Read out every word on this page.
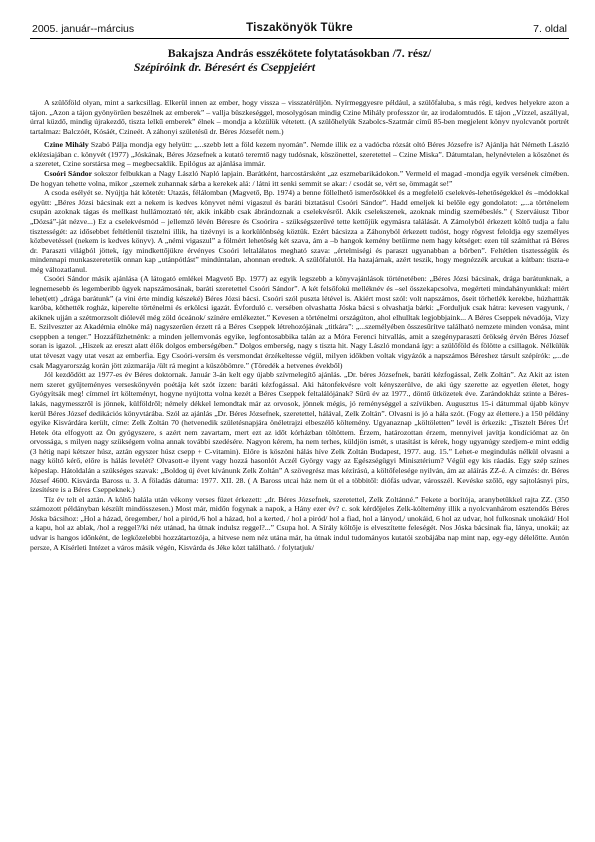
2005. január--március	Tiszakönyök Tükre	7. oldal
Bakajsza András esszékötete folytatásokban /7. rész/
Szépíróink dr. Béresért és Cseppjeiért

A szülőföld olyan, mint a sarkcsillag. Elkerül innen az ember, hogy vissza – visszatérüljön. Nyírmeggyesre például, a szülőfaluba, s más régi, kedves helyekre azon a tájon. „Azon a tájon gyönyörűen beszélnek az emberek” – vallja büszkeséggel, mosolygósan mindig Czine Mihály professzor úr, az irodalomtudós. E tájon „Vízzel, aszállyal, úrral küzdő, mindig újrakezdő, tiszta lelkű emberek” élnek – mondja a közülük vétetett. (A szülőhelyük Szabolcs-Szatmár című 85-ben megjelent könyv nyolcvanöt portrét tartalmaz: Balczóét, Kósáét, Czineét. A záhonyi születésű dr. Béres Józsefét nem.)

Czine Mihály Szabó Pálja mondja egy helyütt: „...szebb lett a föld kezem nyomán”. Nemde illik ez a vadócba rózsát oltó Béres Józsefre is? Ajánlja hát Németh László eklézsiajában c. könyvét (1977) „Jóskának, Béres Józsefnek a kutató teremtő nagy tudósnak, köszönettel, szeretettel – Czine Miska”. Dátumtalan, helynévtelen a köszönet és a szeretet, Czine sorstársa meg – megbecsaklik. Epilógus az ajánlása immár.

Csoóri Sándor sokszor felbukkan a Nagy László Napló lapjain. Barátként, harcostársként „az eszmebarikádokon.” Vermeld el magad -mondja egyik versének címében. De hogyan tehette volna, mikor „szemek zuhannak sárba a kerekek alá: / látni itt senki semmit se akar: / csodát se, vért se, ömmagát se!”

A csoda esélyét se. Nyújtja hát kötetét: Utazás, félálomban (Magvető, Bp. 1974) a benne föllelhető ismerősökkel és a megfelelő cselekvés-lehetőségekkel és –módokkal együtt: „Béres Józsi bácsinak ezt a nekem is kedves könyvet némi vigaszul és baráti biztatásul Csoóri Sándor”. Hadd emeljek ki belőle egy gondolatot: „...a történelem csupán azoknak tágas és mellkast hullámoztató tér, akik inkább csak ábrándoznak a cselekvésről. Akik cselekszenek, azoknak mindig szemébeslés.” ( Szerváiusz Tibor „Dózsá”-ját nézve...) Ez a cselekvésmód – jellemző lévén Béresre és Csoóríra - szükségszerűvé tette kettőjük egymásra találását. A Zámolyból érkezett költő tudja a falu tisztességét: az idősebbet feltétlenül tisztelni illik, ha tizévnyi is a korkülönbség köztük. Ezért bácsizza a Záhonyból érkezett tudóst, hogy rögvest feloldja egy személyes közbevetéssel (nekem is kedves könyv). A „némi vigaszul” a fölmért lehetőség két szava, ám a –b hangok kemény betűirme nem hagy kétséget: ezen túl számíthat rá Béres dr. Paraszti világból jöttek, így mindkettőjükre érvényes Csoóri leltalálatos megható szava: „értelmiségi és paraszt ugyanabban a bőrben”. Feltétlen tisztességük és mindennapi munkaszeretetük onnan kap „utánpótlást” mindúntalan, ahonnan eredtek. A szülőfalutól. Ha hazajárnak, azért teszik, hogy megnézzék arcukat a kútban: tiszta-e még változatlanul.

Csoóri Sándor másik ajánlása (A látogató emlékei Magvető Bp. 1977) az egyik legszebb a könyvajánlások történetében: „Béres Józsi bácsinak, drága barátunknak, a legnemesebb és legemberibb ügyek napszámosának, baráti szeretettel Csoóri Sándor”. A két felsőfokú melléknév és –sel összekapcsolva, megérteti mindahányunkkal: miért lehet(ett) „drága barátunk” (a vini érte mindig készeké) Béres Józsi bácsi. Csoóri szól puszta létével is. Akiért most szól: volt napszámos, őseit törhetlék kerekbe, húzhattták karóba, köthették rogház, kiperelte történelmi és erkölcsi igazát. Évforduló c. versében olvashatta Jóska bácsi s olvashatja bárki: „Forduljuk csak hátra: kevesen vagyunk, / akiknek ujján a szétmorzsolt diólevél még zöld óceánok/ színére emlékeztet.” Kevesen a történelmi országúton, ahol elhulltak legjobbjaink... A Béres Cseppek névadója, Vizy E. Szilveszter az Akadémia elnöke má) nagyszerűen érzett rá a Béres Cseppek létrehozójának „titkára”: „...személyében összesűrítve található nemzete minden vonása, mint cseppben a tenger.” Hozzáfűzhetnénk: a minden jellemvonás egyike, legfontosabbika talán az a Móra Ferenci hitvallás, amit a szegényparaszti őrökség érvén Béres József soran is igazol. „Hiszek az ereszt alatt élők dolgos emberségében.” Dolgos emberség, nagy s tiszta hit. Nagy László mondaná így: a szülőföld és fölötte a csillagok. Nélkülük utat téveszt vagy utat veszt az emberfia. Egy Csoóri-versím és versmondat érzékeltesse végül, milyen időkben voltak vigyázók a napszámos Béreshez társult szépírók: „...de csak Magyarország korán jött zúzmarája /ült rá megint a küszöbömre.” (Töredék a hetvenes évekből)

Jól kezdődött az 1977-es év Béres doktornak. Január 3-án kelt egy újabb szívmelegítő ajánlás. „Dr. béres Józsefnek, baráti kézfogással, Zelk Zoltán”. Az Akit az isten nem szeret gyűjteményes verseskönyvén poétája két szót ízzen: baráti kézfogással. Aki hátonfekvésre volt kényszerülve, de aki úgy szerette az egyetlen életet, hogy Gyógyítsák meg! címmel írt költeményt, hogyne nyújtotta volna kezét a Béres Cseppek feltalálójának? Sűrű év az 1977., döntő ütközetek éve. Zarándokház szinte a Béres-lakás, nagymesszről is jönnek, külföldről; némely dékkel lemondtak már az orvosok, jönnek mégis, jó reménységgel a szívükben. Augusztus 15-i dátummal újabb könyv kerül Béres József dedikációs könyvtárába. Szól az ajánlás „Dr. Béres Józsefnek, szeretettel, hálával, Zelk Zoltán”. Olvasni is jó a hála szót. (Fogy az élettere.) a 150 példány egyike Kisvárdára került, címe: Zelk Zoltán 70 (hetvenedik születésnapjára önéletrajzi elbeszélő költemény. Ugyanaznap „költöletten” levél is érkezik: „Tisztelt Béres Úr! Hetek óta elfogyott az Ön gyógyszere, s azért nem zavartam, mert ezt az időt kórházban töltöttem. Érzem, határozottan érzem, mennyivel javítja kondíciómat az ön orvossága, s milyen nagy szükségem volna annak további szedésére. Nagyon kérem, ha nem terhes, küldjön ismét, s utasítást is kérek, hogy ugyanúgy szedjem-e mint eddig (3 hétig napi kétszer húsz, aztán egyszer húsz csepp + C-vitamin). Előre is köszöni hálás híve Zelk Zoltán Budapest, 1977. aug. 15.” Lehet-e megindulás nélkül olvasni a nagy költő kérő, előre is hálás levelét? Olvasott-e ilyent vagy hozzá hasonlót Aczél György vagy az Egészségügyi Minisztérium? Végül egy kis ráadás. Egy szép színes képeslap. Hátoldalán a szükséges szavak: „Boldog új évet kívánunk Zelk Zoltán” A szövegrész mas kézírású, a költőfelesége nyilván, ám az aláírás ZZ-é. A címzés: dr. Béres József 4600. Kisvárda Baross u. 3. A föladás dátuma: 1977. XII. 28. ( A Baross utcai ház nem üt el a többitől: diófás udvar, városszél. Kevéske szőlő, egy sajtolásnyi pírs, ízesítésre is a Béres Cseppeknek.)

Tíz év telt el aztán. A költő halála után vékony verses füzet érkezett: „dr. Béres Józsefnek, szeretettel, Zelk Zoltánné.” Fekete a borítója, aranybetűkkel rajta ZZ. (350 számozott példányban készült mindösszesen.) Most már, midőn fogynak a napok, a Hány ezer év? c. sok kérdőjeles Zelk-költemény illik a nyolcvanhárom esztendős Béres Jóska bácsihoz: „Hol a házad, öregember,/ hol a piród,/6 hol a házad, hol a kerted, / hol a piród/ hol a fiad, hol a lányod,/ unokáid, 6 hol az udvar, hol fulkosnak unokáid/ Hol a kapu, hol az ablak, /hol a reggel?/ki néz utánad, ha útnak indulsz reggel?...” Csupa hol. A Sírály költője is elveszítette feleségét. Nos Jóska bácsinak fia, lánya, unokái; az udvar is hangos időnként, de legközelebbi hozzátartozója, a hitvese nem néz utána már, ha útnak indul tudományos kutatói szobájába nap mint nap, egy-egy délelőtte. Autón persze, A Kísérleti Intézet a város másik végén, Kisvárda és Jéke közt található. / folytatjuk/
